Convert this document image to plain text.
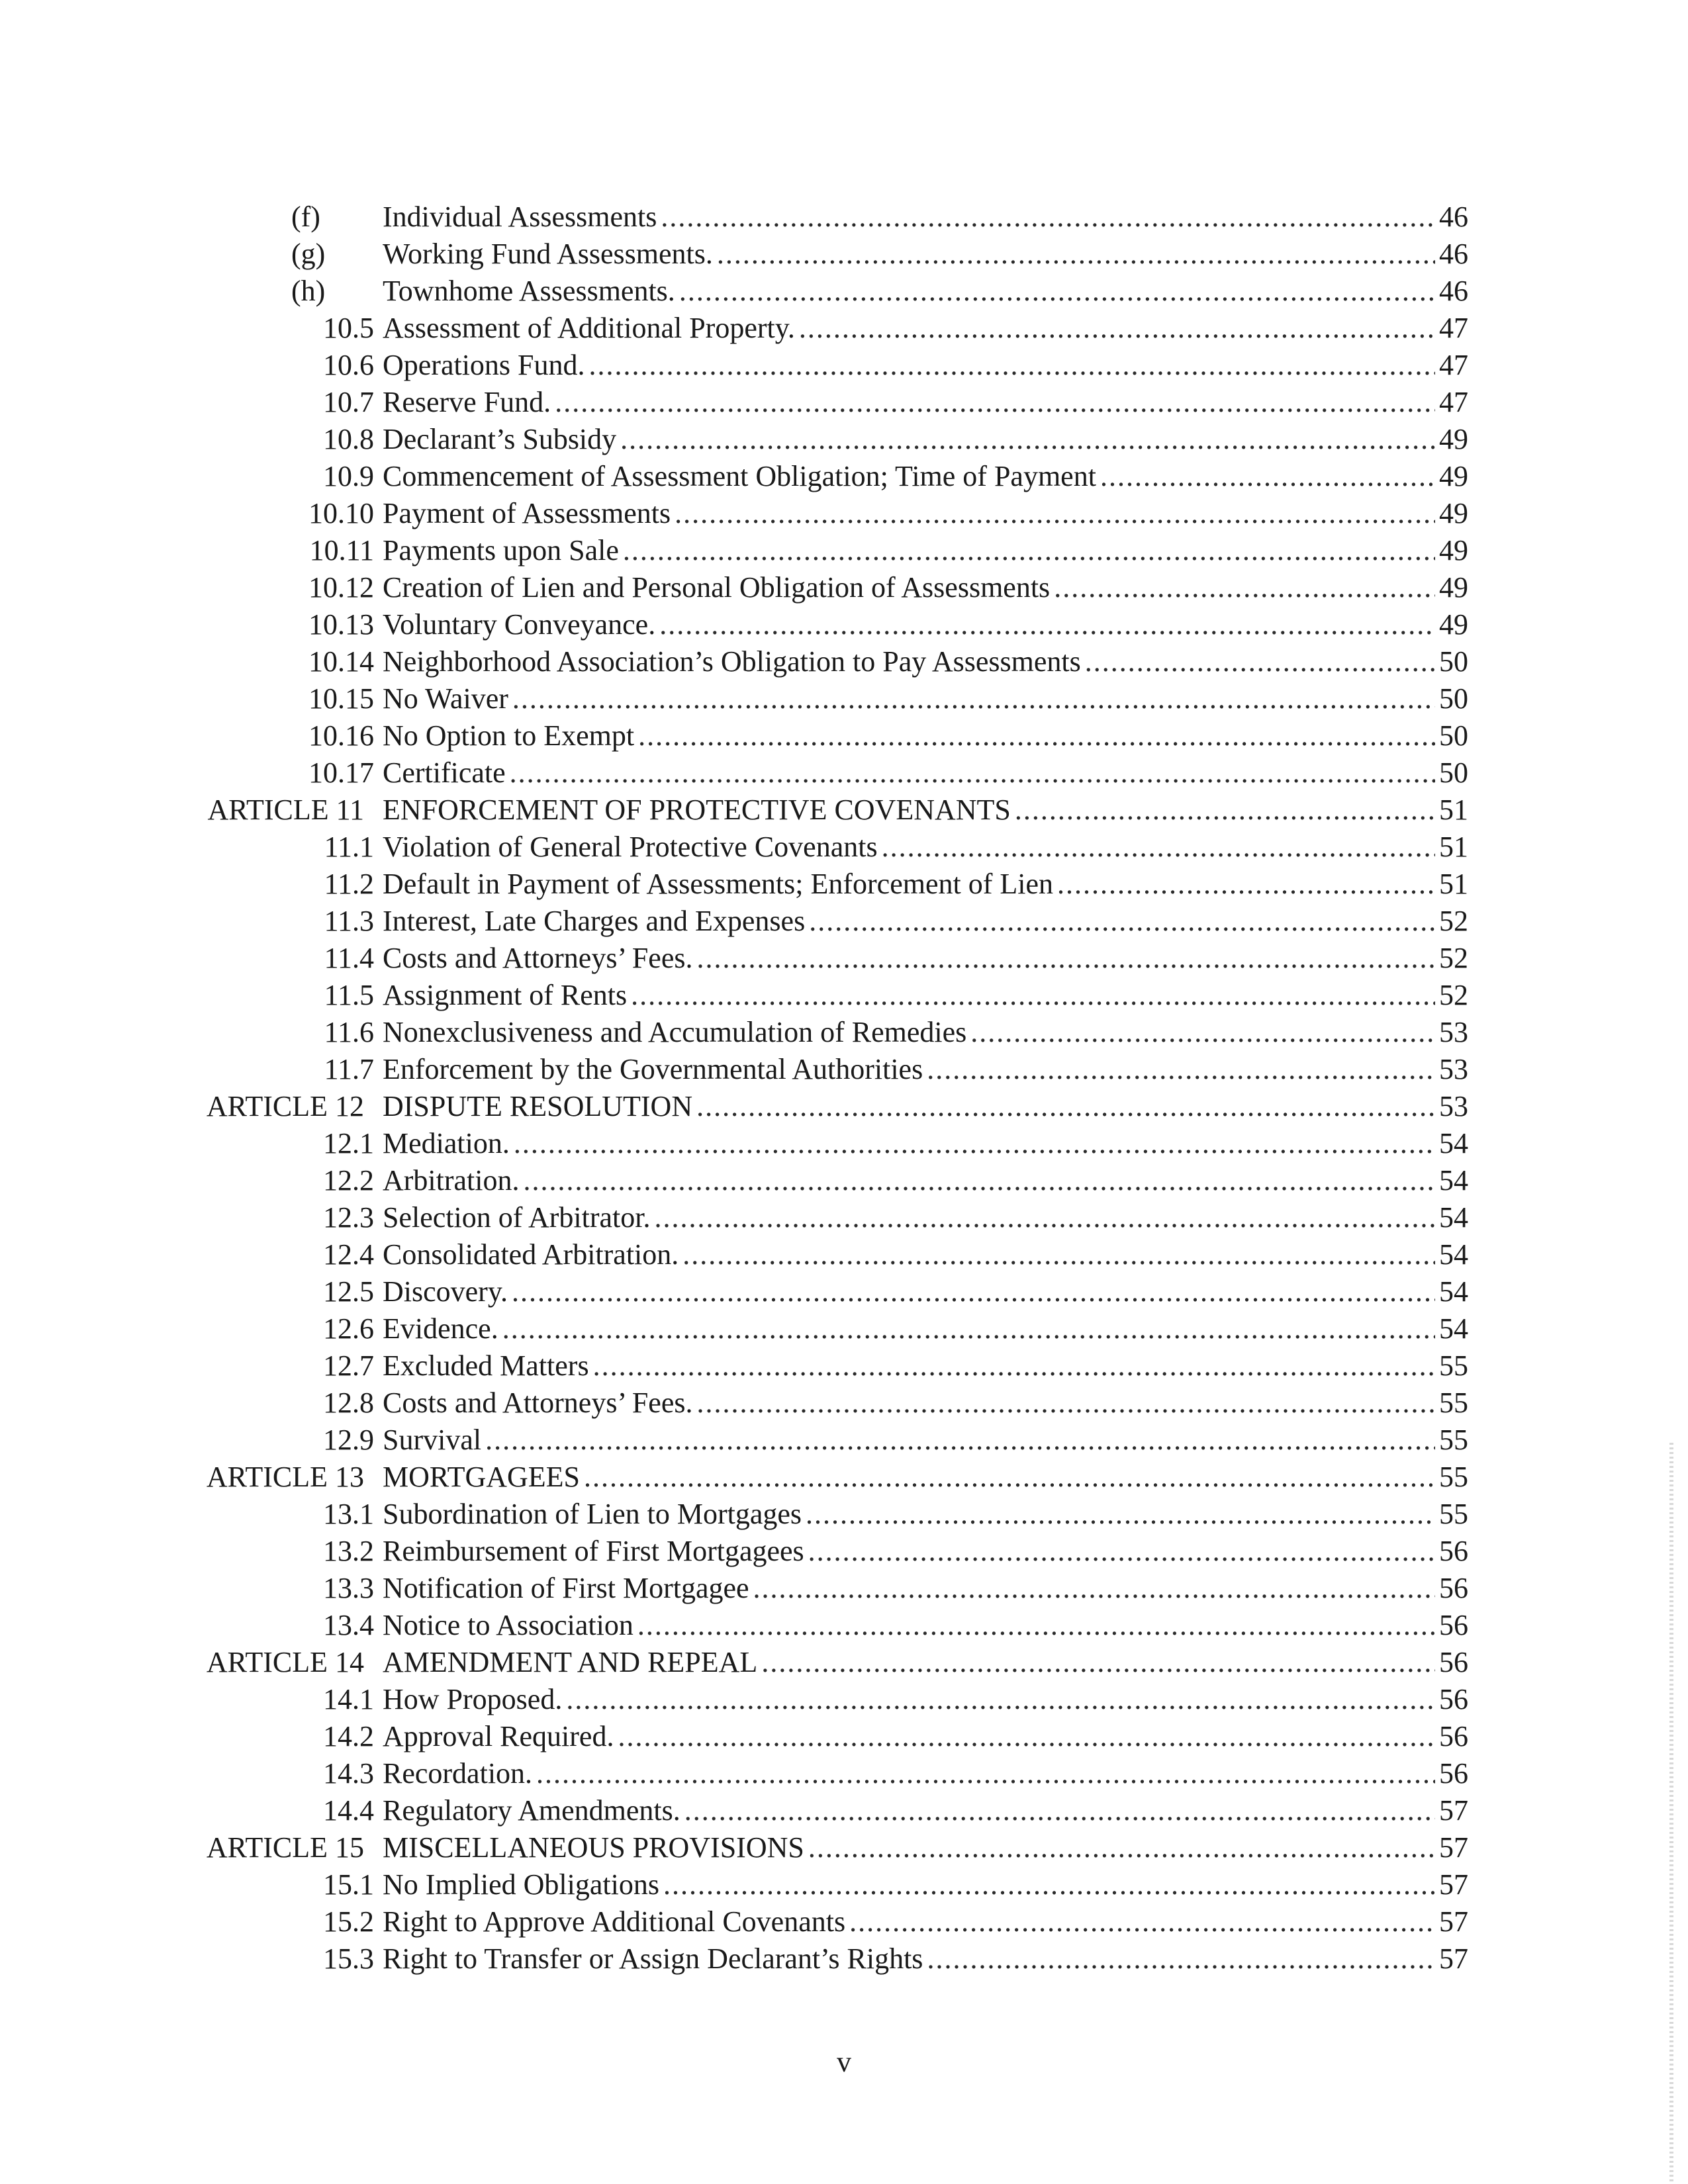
(f) Individual Assessments .....	46
(g) Working Fund Assessments. .....	46
(h) Townhome Assessments. .....	46
10.5 Assessment of Additional Property. .....	47
10.6 Operations Fund. .....	47
10.7 Reserve Fund. .....	47
10.8 Declarant’s Subsidy .....	49
10.9 Commencement of Assessment Obligation; Time of Payment .....	49
10.10 Payment of Assessments .....	49
10.11 Payments upon Sale .....	49
10.12 Creation of Lien and Personal Obligation of Assessments .....	49
10.13 Voluntary Conveyance. .....	49
10.14 Neighborhood Association’s Obligation to Pay Assessments .....	50
10.15 No Waiver .....	50
10.16 No Option to Exempt .....	50
10.17 Certificate .....	50
ARTICLE 11 ENFORCEMENT OF PROTECTIVE COVENANTS .....	51
11.1 Violation of General Protective Covenants .....	51
11.2 Default in Payment of Assessments; Enforcement of Lien .....	51
11.3 Interest, Late Charges and Expenses .....	52
11.4 Costs and Attorneys’ Fees. .....	52
11.5 Assignment of Rents .....	52
11.6 Nonexclusiveness and Accumulation of Remedies .....	53
11.7 Enforcement by the Governmental Authorities .....	53
ARTICLE 12 DISPUTE RESOLUTION .....	53
12.1 Mediation. .....	54
12.2 Arbitration. .....	54
12.3 Selection of Arbitrator. .....	54
12.4 Consolidated Arbitration. .....	54
12.5 Discovery. .....	54
12.6 Evidence. .....	54
12.7 Excluded Matters .....	55
12.8 Costs and Attorneys’ Fees. .....	55
12.9 Survival .....	55
ARTICLE 13 MORTGAGEES .....	55
13.1 Subordination of Lien to Mortgages .....	55
13.2 Reimbursement of First Mortgagees .....	56
13.3 Notification of First Mortgagee .....	56
13.4 Notice to Association .....	56
ARTICLE 14 AMENDMENT AND REPEAL .....	56
14.1 How Proposed. .....	56
14.2 Approval Required. .....	56
14.3 Recordation. .....	56
14.4 Regulatory Amendments. .....	57
ARTICLE 15 MISCELLANEOUS PROVISIONS .....	57
15.1 No Implied Obligations .....	57
15.2 Right to Approve Additional Covenants .....	57
15.3 Right to Transfer or Assign Declarant’s Rights .....	57
v
